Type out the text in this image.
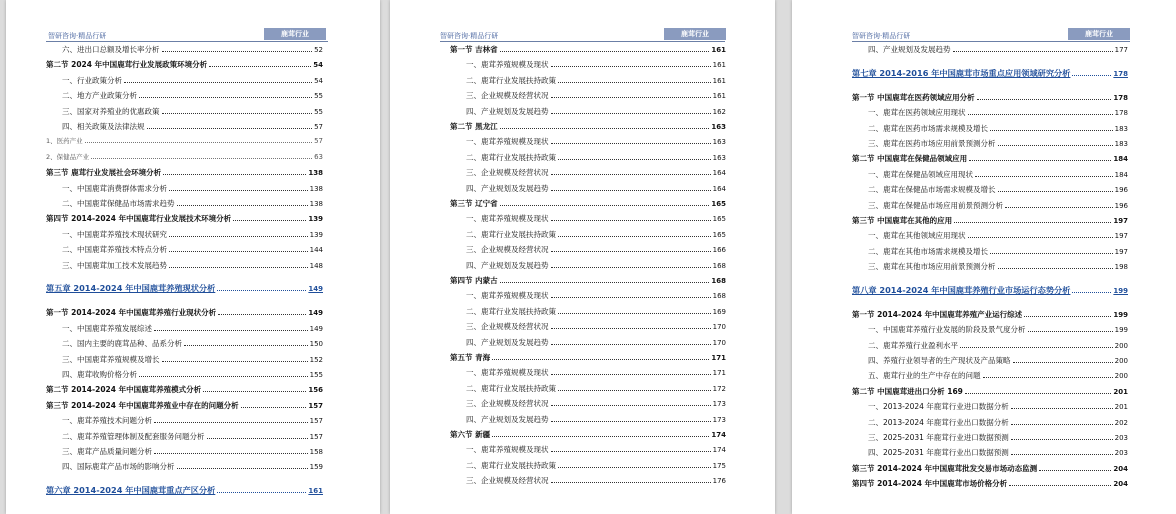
智研咨询·精品行研	鹿茸行业
六、进出口总额及增长率分析	52
第二节 2024 年中国鹿茸行业发展政策环境分析	54
一、行业政策分析	54
二、地方产业政策分析	55
三、国家对养殖业的优惠政策	55
四、相关政策及法律法规	57
1、医药产业	57
2、保健品产业	63
第三节 鹿茸行业发展社会环境分析	138
一、中国鹿茸消费群体需求分析	138
二、中国鹿茸保健品市场需求趋势	138
第四节 2014-2024 年中国鹿茸行业发展技术环境分析	139
一、中国鹿茸养殖技术现状研究	139
二、中国鹿茸养殖技术特点分析	144
三、中国鹿茸加工技术发展趋势	148
第五章 2014-2024 年中国鹿茸养殖现状分析	149
第一节 2014-2024 年中国鹿茸养殖行业现状分析	149
一、中国鹿茸养殖发展综述	149
二、国内主要的鹿茸品种、品系分析	150
三、中国鹿茸养殖规模及增长	152
四、鹿茸收购价格分析	155
第二节 2014-2024 年中国鹿茸养殖模式分析	156
第三节 2014-2024 年中国鹿茸养殖业中存在的问题分析	157
一、鹿茸养殖技术问题分析	157
二、鹿茸养殖管理体制及配套服务问题分析	157
三、鹿茸产品质量问题分析	158
四、国际鹿茸产品市场的影响分析	159
第六章 2014-2024 年中国鹿茸重点产区分析	161
智研咨询·精品行研	鹿茸行业
第一节 吉林省	161
一、鹿茸养殖规模及现状	161
二、鹿茸行业发展扶持政策	161
三、企业规模及经营状况	161
四、产业规划及发展趋势	162
第二节 黑龙江	163
一、鹿茸养殖规模及现状	163
二、鹿茸行业发展扶持政策	163
三、企业规模及经营状况	164
四、产业规划及发展趋势	164
第三节 辽宁省	165
一、鹿茸养殖规模及现状	165
二、鹿茸行业发展扶持政策	165
三、企业规模及经营状况	166
四、产业规划及发展趋势	168
第四节 内蒙古	168
一、鹿茸养殖规模及现状	168
二、鹿茸行业发展扶持政策	169
三、企业规模及经营状况	170
四、产业规划及发展趋势	170
第五节 青海	171
一、鹿茸养殖规模及现状	171
二、鹿茸行业发展扶持政策	172
三、企业规模及经营状况	173
四、产业规划及发展趋势	173
第六节 新疆	174
一、鹿茸养殖规模及现状	174
二、鹿茸行业发展扶持政策	175
三、企业规模及经营状况	176
智研咨询·精品行研	鹿茸行业
四、产业规划及发展趋势	177
第七章 2014-2016 年中国鹿茸市场重点应用领域研究分析	178
第一节 中国鹿茸在医药领域应用分析	178
一、鹿茸在医药领域应用现状	178
二、鹿茸在医药市场需求规模及增长	183
三、鹿茸在医药市场应用前景预测分析	183
第二节 中国鹿茸在保健品领域应用	184
一、鹿茸在保健品领域应用现状	184
二、鹿茸在保健品市场需求规模及增长	196
三、鹿茸在保健品市场应用前景预测分析	196
第三节 中国鹿茸在其他的应用	197
一、鹿茸在其他领域应用现状	197
二、鹿茸在其他市场需求规模及增长	197
三、鹿茸在其他市场应用前景预测分析	198
第八章 2014-2024 年中国鹿茸养殖行业市场运行态势分析	199
第一节 2014-2024 年中国鹿茸养殖产业运行综述	199
一、中国鹿茸养殖行业发展的阶段及景气度分析	199
二、鹿茸养殖行业盈利水平	200
四、养殖行业领导者的生产现状及产品策略	200
五、鹿茸行业的生产中存在的问题	200
第二节 中国鹿茸进出口分析 169	201
一、2013-2024 年鹿茸行业进口数据分析	201
二、2013-2024 年鹿茸行业出口数据分析	202
三、2025-2031 年鹿茸行业进口数据预测	203
四、2025-2031 年鹿茸行业出口数据预测	203
第三节 2014-2024 年中国鹿茸批发交易市场动态监测	204
第四节 2014-2024 年中国鹿茸市场价格分析	204
